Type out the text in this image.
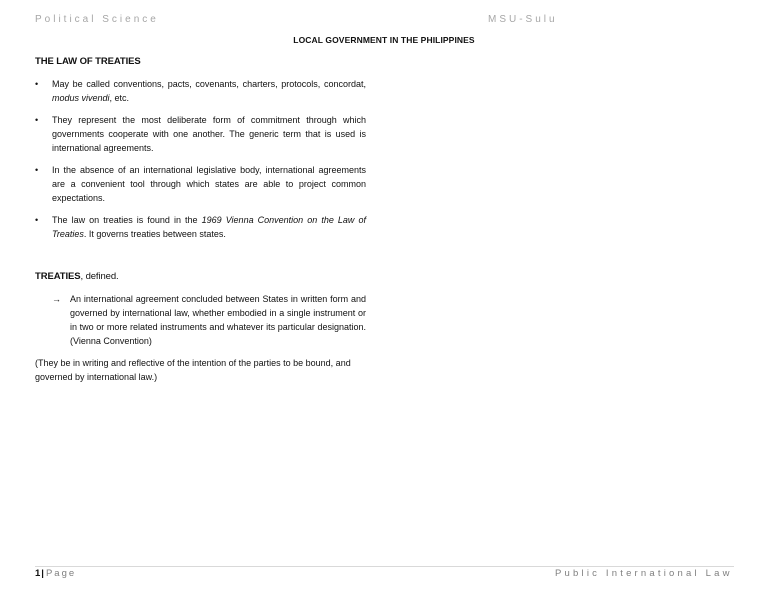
Political Science	MSU-Sulu
LOCAL GOVERNMENT IN THE PHILIPPINES
THE LAW OF TREATIES
• May be called conventions, pacts, covenants, charters, protocols, concordat, modus vivendi, etc.
• They represent the most deliberate form of commitment through which governments cooperate with one another. The generic term that is used is international agreements.
• In the absence of an international legislative body, international agreements are a convenient tool through which states are able to project common expectations.
• The law on treaties is found in the 1969 Vienna Convention on the Law of Treaties. It governs treaties between states.
TREATIES, defined.
→ An international agreement concluded between States in written form and governed by international law, whether embodied in a single instrument or in two or more related instruments and whatever its particular designation. (Vienna Convention)
(They be in writing and reflective of the intention of the parties to be bound, and governed by international law.)
1| Page	Public International Law
